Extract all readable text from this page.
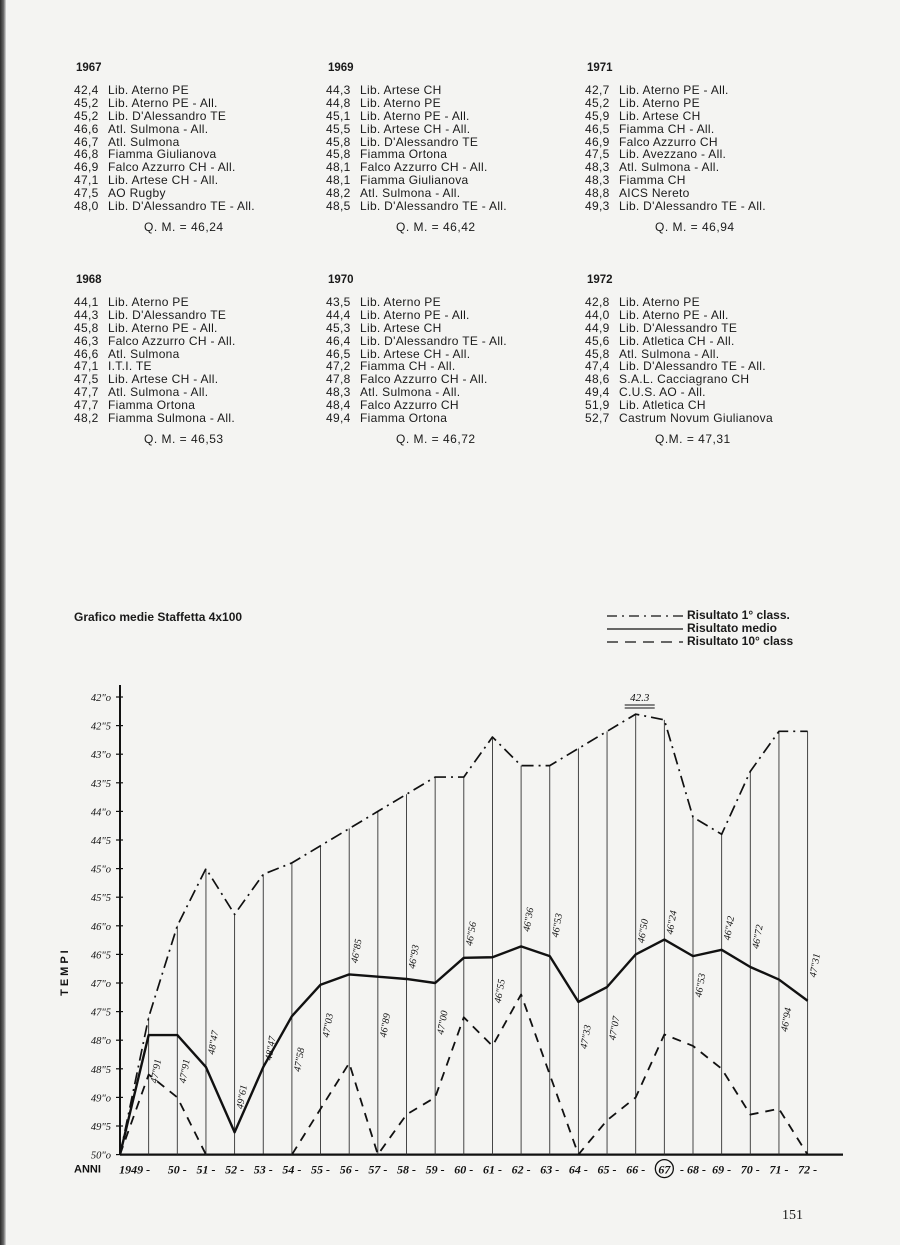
1967
42,4 Lib. Aterno PE
45,2 Lib. Aterno PE - All.
45,2 Lib. D'Alessandro TE
46,6 Atl. Sulmona - All.
46,7 Atl. Sulmona
46,8 Fiamma Giulianova
46,9 Falco Azzurro CH - All.
47,1 Lib. Artese CH - All.
47,5 AO Rugby
48,0 Lib. D'Alessandro TE - All.
Q. M. = 46,24
1969
44,3 Lib. Artese CH
44,8 Lib. Aterno PE
45,1 Lib. Aterno PE - All.
45,5 Lib. Artese CH - All.
45,8 Lib. D'Alessandro TE
45,8 Fiamma Ortona
48,1 Falco Azzurro CH - All.
48,1 Fiamma Giulianova
48,2 Atl. Sulmona - All.
48,5 Lib. D'Alessandro TE - All.
Q. M. = 46,42
1971
42,7 Lib. Aterno PE - All.
45,2 Lib. Aterno PE
45,9 Lib. Artese CH
46,5 Fiamma CH - All.
46,9 Falco Azzurro CH
47,5 Lib. Avezzano - All.
48,3 Atl. Sulmona - All.
48,3 Fiamma CH
48,8 AICS Nereto
49,3 Lib. D'Alessandro TE - All.
Q. M. = 46,94
1968
44,1 Lib. Aterno PE
44,3 Lib. D'Alessandro TE
45,8 Lib. Aterno PE - All.
46,3 Falco Azzurro CH - All.
46,6 Atl. Sulmona
47,1 I.T.I. TE
47,5 Lib. Artese CH - All.
47,7 Atl. Sulmona - All.
47,7 Fiamma Ortona
48,2 Fiamma Sulmona - All.
Q. M. = 46,53
1970
43,5 Lib. Aterno PE
44,4 Lib. Aterno PE - All.
45,3 Lib. Artese CH
46,4 Lib. D'Alessandro TE - All.
46,5 Lib. Artese CH - All.
47,2 Fiamma CH - All.
47,8 Falco Azzurro CH - All.
48,3 Atl. Sulmona - All.
48,4 Falco Azzurro CH
49,4 Fiamma Ortona
Q. M. = 46,72
1972
42,8 Lib. Aterno PE
44,0 Lib. Aterno PE - All.
44,9 Lib. D'Alessandro TE
45,6 Lib. Atletica CH - All.
45,8 Atl. Sulmona - All.
47,4 Lib. D'Alessandro TE - All.
48,6 S.A.L. Cacciagrano CH
49,4 C.U.S. AO - All.
51,9 Lib. Atletica CH
52,7 Castrum Novum Giulianova
Q.M. = 47,31
Grafico medie Staffetta 4x100	Risultato 1° class.
Risultato medio
Risultato 10° class
42"o
42"5
43"o
43"5
44"o
44"5
45"o
45"5
46"o
46"5
47"o
47"5
48"o
48"5
49"o
49"5
50"o
TEMPI
ANNI 1949 - 50 - 51 - 52 - 53 - 54 - 55 - 56 - 57 - 58 - 59 - 60 - 61 - 62 - 63 - 64 - 65 - 66 - 67 - 68 - 69 - 70 - 71 - 72 -
47"91 47"91
48"47
49"61
48"47 47"58
47"03
46"85
46"89
46"93
47"00
46"56
46"55
46"36 46"53
47"33 47"07
46"50 46"24
46"53
46"42 46"72
46"94
47"31
42.3
151
